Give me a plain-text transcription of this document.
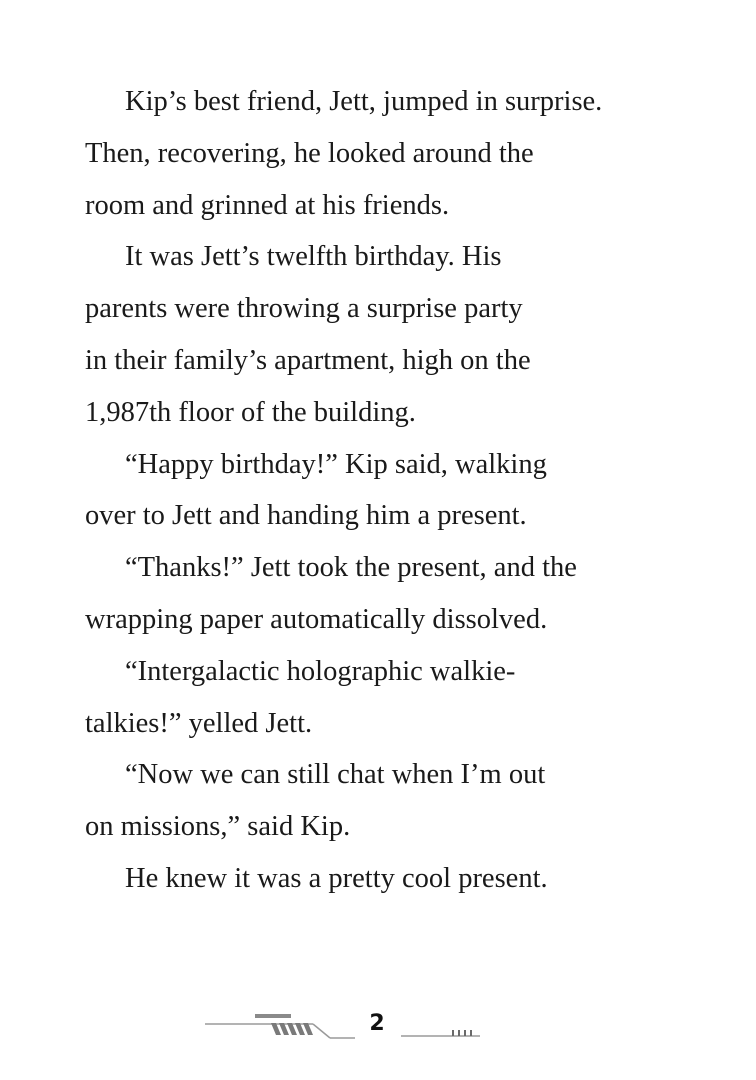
Kip’s best friend, Jett, jumped in surprise.
Then, recovering, he looked around the
room and grinned at his friends.
It was Jett’s twelfth birthday. His
parents were throwing a surprise party
in their family’s apartment, high on the
1,987th floor of the building.
“Happy birthday!” Kip said, walking
over to Jett and handing him a present.
“Thanks!” Jett took the present, and the
wrapping paper automatically dissolved.
“Intergalactic holographic walkie-
talkies!” yelled Jett.
“Now we can still chat when I’m out
on missions,” said Kip.
He knew it was a pretty cool present.
2
